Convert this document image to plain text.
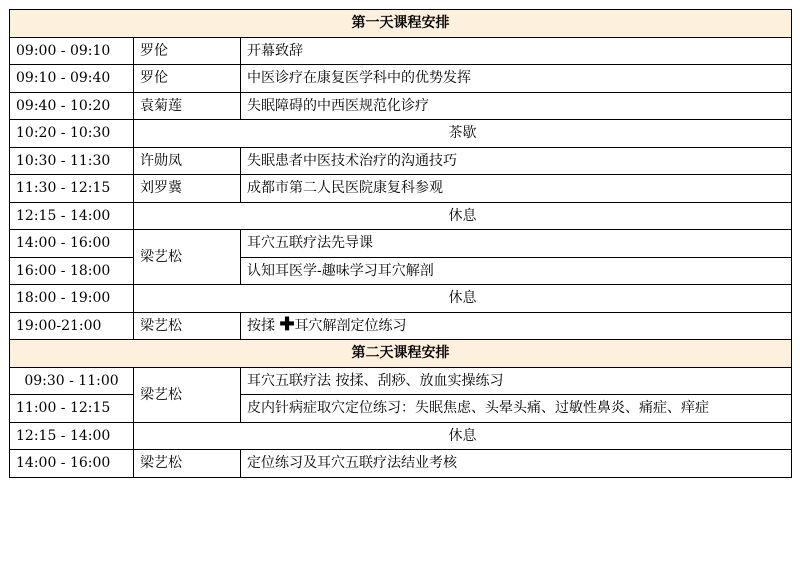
第一天课程安排		
09:00 - 09:10	罗伦	开幕致辞
09:10 - 09:40	罗伦	中医诊疗在康复医学科中的优势发挥
09:40 - 10:20	袁菊莲	失眠障碍的中西医规范化诊疗
10:20 - 10:30	茶歇	
10:30 - 11:30	许勋凤	失眠患者中医技术治疗的沟通技巧
11:30 - 12:15	刘罗冀	成都市第二人民医院康复科参观
12:15 - 14:00	休息	
14:00 - 16:00	梁艺松	耳穴五联疗法先导课
16:00 - 18:00		认知耳医学-趣味学习耳穴解剖
18:00 - 19:00	休息	
19:00-21:00	梁艺松	按揉 ✚耳穴解剖定位练习
第二天课程安排		
09:30 - 11:00	梁艺松	耳穴五联疗法 按揉、刮痧、放血实操练习
11:00 - 12:15		皮内针病症取穴定位练习：失眠焦虑、头晕头痛、过敏性鼻炎、痛症、痒症
12:15 - 14:00	休息	
14:00 - 16:00	梁艺松	定位练习及耳穴五联疗法结业考核
